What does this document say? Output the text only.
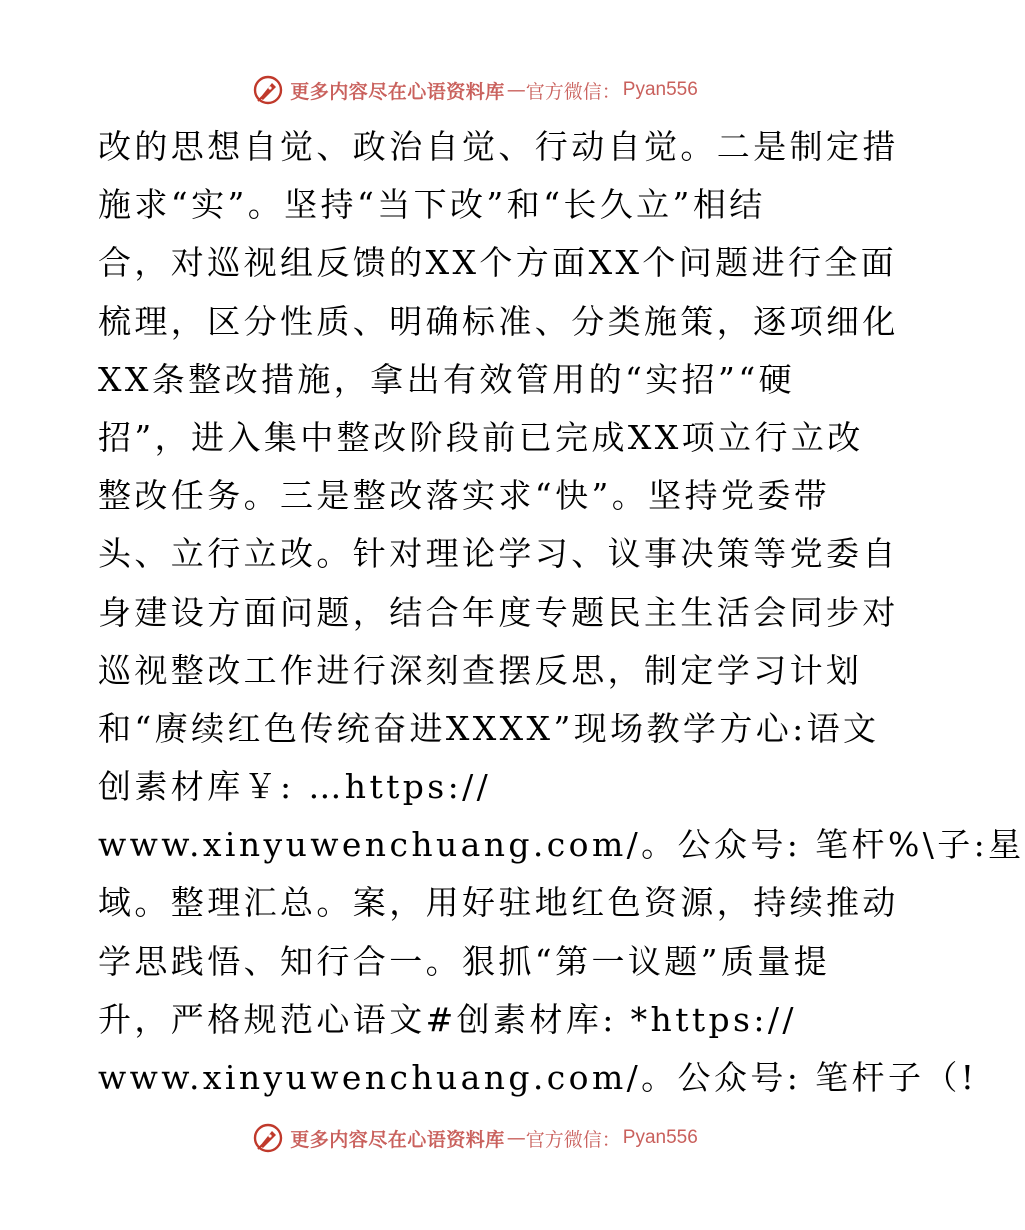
更多内容尽在心语资料库 — 官方微信 ： Pyan556
改的思想自觉、政治自觉、行动自觉。二是制定措
施求“实”。坚持“当下改”和“长久立”相结
合，对巡视组反馈的XX个方面XX个问题进行全面
梳理，区分性质、明确标准、分类施策，逐项细化
XX条整改措施，拿出有效管用的“实招”“硬
招”，进入集中整改阶段前已完成XX项立行立改
整改任务。三是整改落实求“快”。坚持党委带
头、立行立改。针对理论学习、议事决策等党委自
身建设方面问题，结合年度专题民主生活会同步对
巡视整改工作进行深刻查摆反思，制定学习计划
和“赓续红色传统奋进XXXX”现场教学方心:语文
创素材库￥: …https://
www.xinyuwenchuang.com/。公众号: 笔杆%\子:星
域。整理汇总。案，用好驻地红色资源，持续推动
学思践悟、知行合一。狠抓“第一议题”质量提
升，严格规范心语文#创素材库: *https://
www.xinyuwenchuang.com/。公众号: 笔杆子（!
更多内容尽在心语资料库 — 官方微信 ： Pyan556
